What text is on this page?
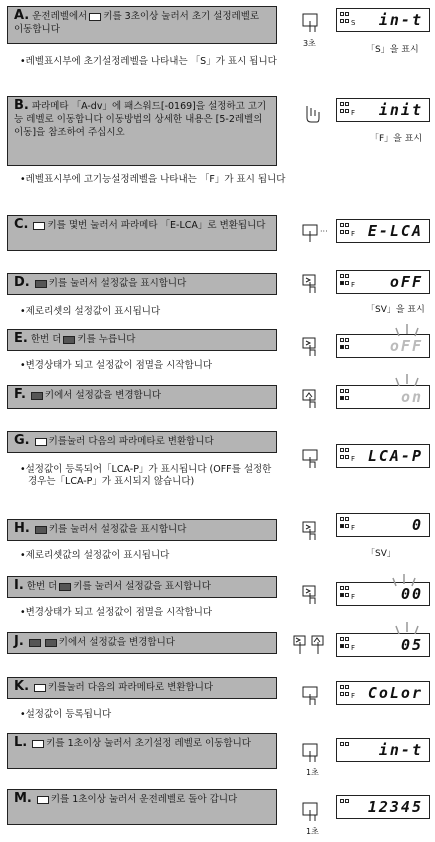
A. 운전레벨에서 키를 3초이상 눌러서 초기 설정레벨로 이동합니다
•레벨표시부에 초기설정레벨을 나타내는 「S」가 표시 됩니다
B. 파라메타 「A-dv」에 패스워드[-0169]을 설정하고 고기능 레벨로 이동합니다 이동방법의 상세한 내용은 [5-2레벨의이동]을 참조하여 주십시오
•레벨표시부에 고기능설정레벨을 나타내는 「F」가 표시 됩니다
C. 키를 몇번 눌러서 파라메타 「E-LCA」로 변환됩니다
D. 키를 눌러서 설정값을 표시합니다
•제로리셋의 설정값이 표시됩니다
E. 한번 더 키를 누릅니다
•변경상태가 되고 설정값이 점멸을 시작합니다
F. 키에서 설정값을 변경합니다
G. 키를눌러 다음의 파라메타로 변환합니다
•설정값이 등록되어「LCA-P」가 표시됩니다 (OFF를 설정한 경우는「LCA-P」가 표시되지 않습니다)
H. 키를 눌러서 설정값을 표시합니다
•제로리셋값의 설정값이 표시됩니다
I. 한번 더 키를 눌러서 설정값을 표시합니다
•변경상태가 되고 설정값이 점멸을 시작합니다
J.	키에서 설정값을 변경합니다
K. 키를눌러 다음의 파라메타로 변환합니다
•설정값이 등록됩니다
L. 키를 1초이상 눌러서 초기설정 레벨로 이동합니다
M. 키를 1초이상 눌러서 운전레벨로 돌아 갑니다
3초
S in-t
「S」을 표시
F init
「F」을 표시
···	F E-LCA
F oFF
「SV」을 표시
oFF
on
F LCA-P
F	0
「SV」
F	00
F	05
F CoLor
1초
in-t
1초
12345
